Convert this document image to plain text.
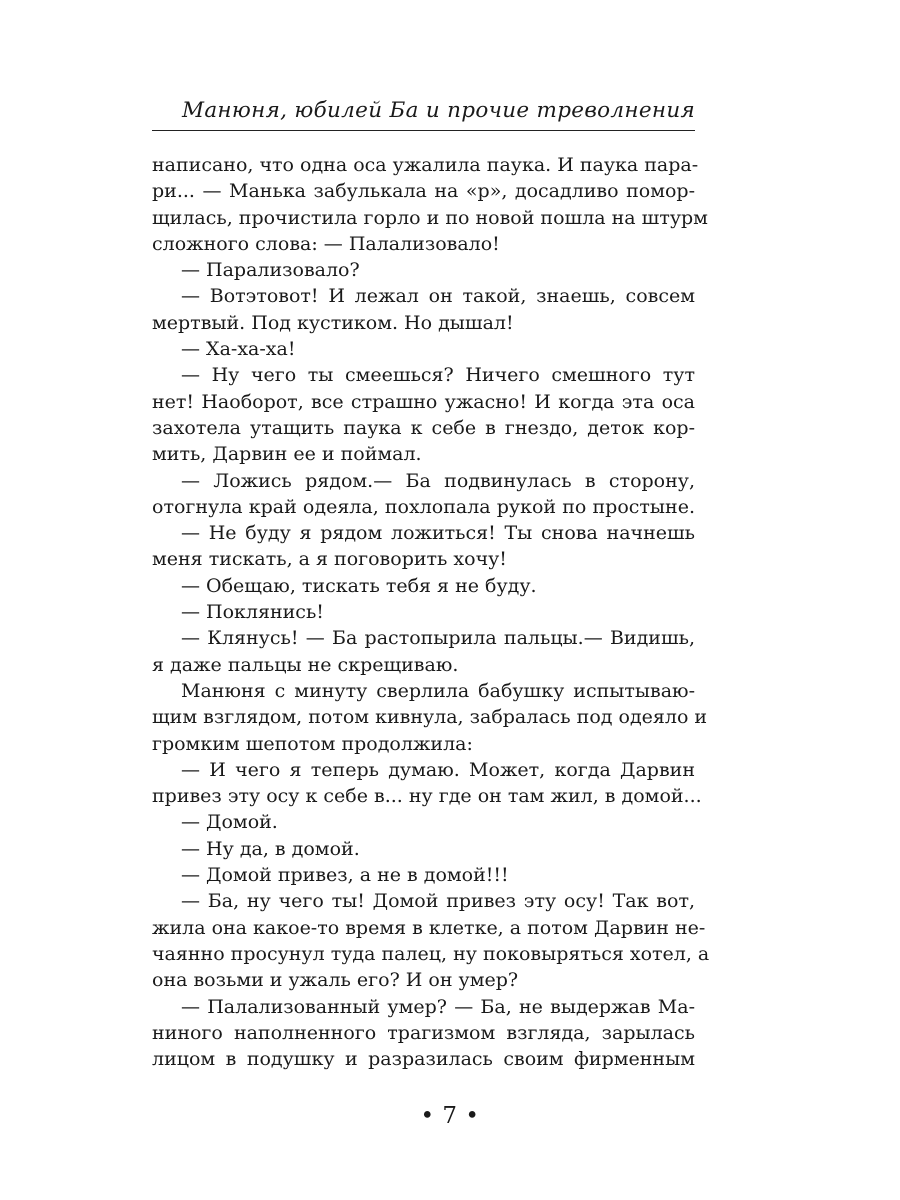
Манюня, юбилей Ба и прочие треволнения
написано, что одна оса ужалила паука. И паука пара-
ри... — Манька забулькала на «р», досадливо помор-
щилась, прочистила горло и по новой пошла на штурм
сложного слова: — Палализовало!
— Парализовало?
— Вотэтовот! И лежал он такой, знаешь, совсем
мертвый. Под кустиком. Но дышал!
— Ха-ха-ха!
— Ну чего ты смеешься? Ничего смешного тут
нет! Наоборот, все страшно ужасно! И когда эта оса
захотела утащить паука к себе в гнездо, деток кор-
мить, Дарвин ее и поймал.
— Ложись рядом.— Ба подвинулась в сторону,
отогнула край одеяла, похлопала рукой по простыне.
— Не буду я рядом ложиться! Ты снова начнешь
меня тискать, а я поговорить хочу!
— Обещаю, тискать тебя я не буду.
— Поклянись!
— Клянусь! — Ба растопырила пальцы.— Видишь,
я даже пальцы не скрещиваю.
Манюня с минуту сверлила бабушку испытываю-
щим взглядом, потом кивнула, забралась под одеяло и
громким шепотом продолжила:
— И чего я теперь думаю. Может, когда Дарвин
привез эту осу к себе в... ну где он там жил, в домой...
— Домой.
— Ну да, в домой.
— Домой привез, а не в домой!!!
— Ба, ну чего ты! Домой привез эту осу! Так вот,
жила она какое-то время в клетке, а потом Дарвин не-
чаянно просунул туда палец, ну поковыряться хотел, а
она возьми и ужаль его? И он умер?
— Палализованный умер? — Ба, не выдержав Ма-
ниного наполненного трагизмом взгляда, зарылась
лицом в подушку и разразилась своим фирменным
• 7 •
